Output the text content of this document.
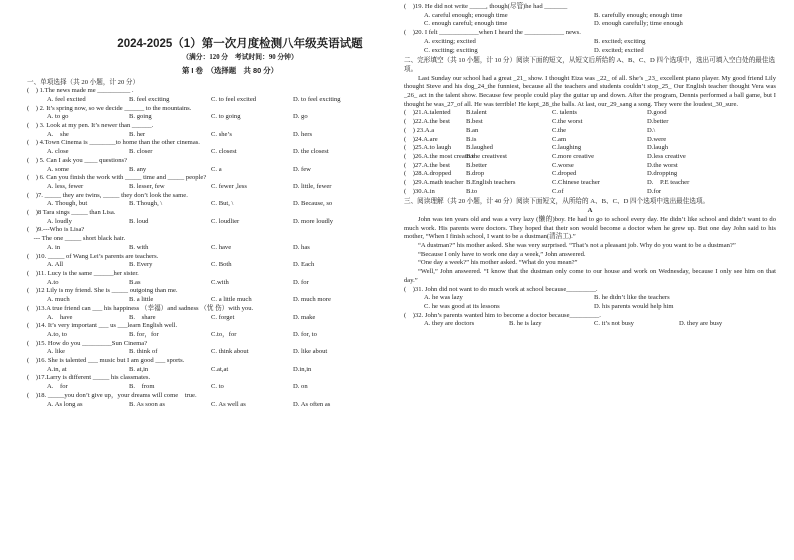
2024-2025（1）第一次月度检测八年级英语试题
（满分：120 分　考试时间：90 分钟）
第 I 卷　（选择题　共 80 分）
一、单项选择（共 20 小题，计 20 分）
(　) 1.The news made me __________ .
A. feel excited	B. feel exciting	C. to feel excited	D. to feel exciting
(　) 2. It’s spring now, so we decide ______ to the mountains.
A. to go	B. going	C. to going	D. go
(　) 3. Look at my pen. It’s newer than ______.
A.　she	B. her	C. she’s	D. hers
(　) 4.Town Cinema is ________to home than the other cinemas.
A. close	B. closer	C. closest	D. the closest
(　) 5. Can I ask you ____ questions?
A. some	B. any	C. a	D. few
(　) 6. Can you finish the work with _____ time and _____ people?
A. less, fewer	B. lesser, few	C. fewer ,less	D. little, fewer
(　)7. _____ they are twins, _____ they don’t look the same.
A. Though, but	B. Though, \	C. But, \	D. Because, so
(　)8 Tara sings _____ than Lisa.
A. loudly	B. loud	C. loudlier	D. more loudly
(　)9.---Who is Lisa?
　--- The one _____ short black hair.
A. in	B. with	C. have	D. has
(　)10. _____ of Wang Lei’s parents are teachers.
A. All	B. Every	C. Both	D. Each
(　)11. Lucy is the same ______her sister.
A.to	B.as	C.with	D. for
(　)12 Lily is my friend. She is _____ outgoing than me.
A. much	B. a little	C. a little much	D. much more
(　)13.A true friend can ___ his happiness （幸福）and sadness （忧 伤）with you.
A.　have	B.　share	C. forget	D. make
(　)14. It’s very important ___ us ___learn English well.
A.to, to	B. for，for	C.to，for	D. for, to
(　)15. How do you _________Sun Cinema?
A. like	B. think of	C. think about	D. like about
(　)16. She is talented ___ music but I am good ___ sports.
A.in, at	B. at,in	C.at,at	D.in,in
(　)17.Larry is different _____ his classmates.
A.　for	B.　from	C. to	D. on
(　)18. _____you don’t give up，your dreams will come　true.
A. As long as	B. As soon as	C. As well as	D. As often as
(　)19. He did not write _____, though(尽管)he had _______
A. careful enough; enough time	B. carefully enough; enough time
C. enough careful; enough time	D. enough carefully; time enough
(　)20. I felt ____________when I heard the ____________ news.
A. exciting; excited	B. excited; exciting
C. exciting; exciting	D. excited; excited
二、完形填空（共 10 小题，计 10 分）阅读下面的短文，从短文后所给的 A、B、C、D 四个选项中，选出可填入空白处的最佳选项。
Last Sunday our school had a great _21_ show. I thought Eiza was _22_ of all. She’s _23_ excellent piano player. My good friend Lily thought Steve and his dog_24_the funniest, because all the teachers and students couldn’t stop_25_ Our English teacher thought Vera was _26_ act in the talent show. Because few people could play the guitar up and down. After the program, Dennis performed a ball game, but I thought he was_27_of all. He was terrible! He kept_28_the balls. At last, our_29_sang a song. They were the loudest_30_sure.
(　)21.A.talented	B.talent	C. talents	D.good
(　)22.A.the best	B.best	C.the worst	D.better
(　) 23.A.a	B.an	C.the	D.\
(　)24.A.are	B.is	C.am	D.were
(　)25.A.to laugh	B.laughed	C.laughing	D.laugh
(　)26.A.the most creative
B.the creativest	C.more creative	D.less creative
(　)27.A.the best	B.better	C.worse	D.the worst
(　)28.A.dropped	B.drop	C.droped	D.dropping
(　)29.A.math teacher B.English teachers	C.Chinese teacher	D.　P.E teacher
(　)30.A.in	B.to	C.of	D.for
三、阅读理解（共 20 小题，计 40 分）阅读下面短文，从所给的 A、B、C、D 四个选项中选出最佳选项。
A
John was ten years old and was a very lazy (懒的)boy. He had to go to school every day. He didn’t like school and didn’t want to do much work. His parents were doctors. They hoped that their son would become a doctor when he grew up. But one day John said to his mother, “When I finish school, I want to be a dustman(清洁工).”
“A dustman?” his mother asked. She was very surprised. “That’s not a pleasant job. Why do you want to be a dustman?”
“Because I only have to work one day a week,” John answered.
“One day a week?” his mother asked. “What do you mean?”
“Well,” John answered. “I know that the dustman only come to our house and work on Wednesday, because I only see him on that day.”
(　)31. John did not want to do much work at school because_________.
A. he was lazy	B. he didn’t like the teachers
C. he was good at its lessons	D. his parents would help him
(　)32. John’s parents wanted him to become a doctor because_________.
A. they are doctors	B. he is lazy	C. it’s not busy	D. they are busy
